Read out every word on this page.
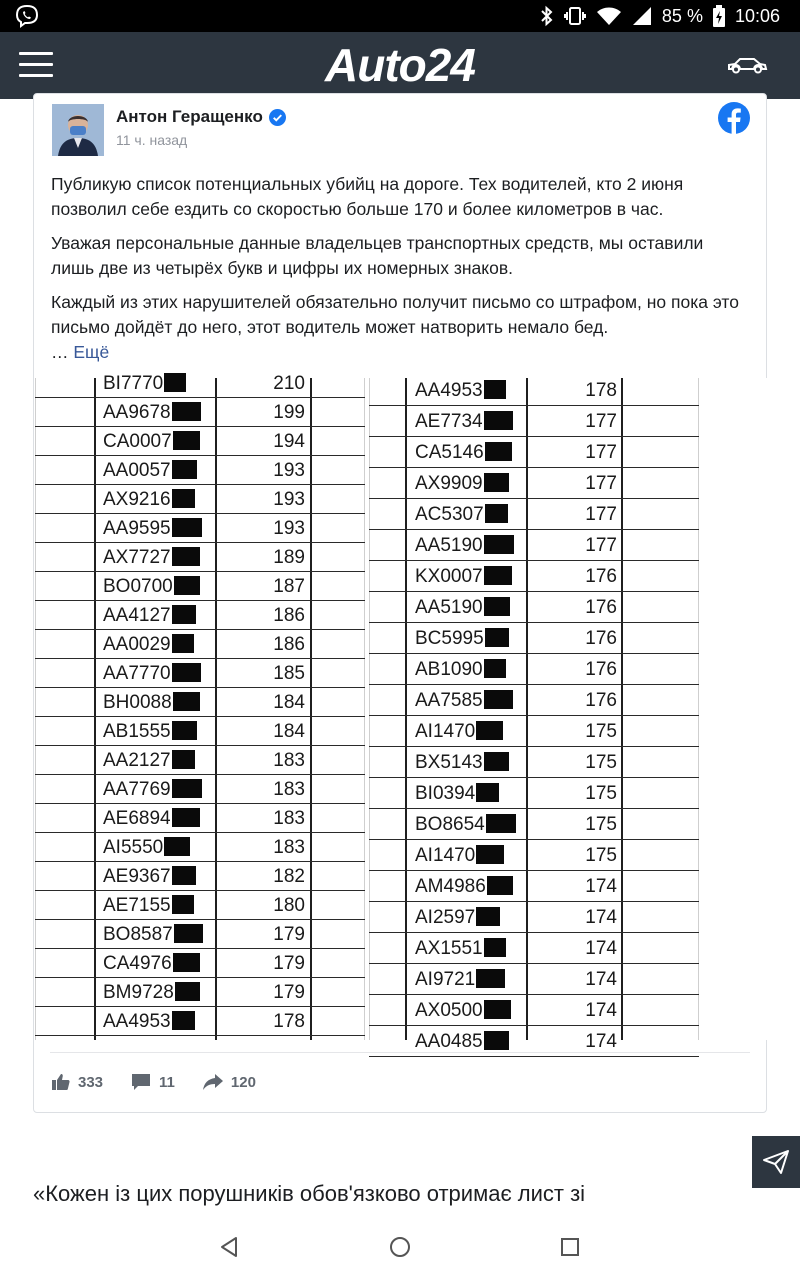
85 % 10:06
Auto24
Антон Геращенко
11 ч. назад

Публикую список потенциальных убийц на дороге. Тех водителей, кто 2 июня позволил себе ездить со скоростью больше 170 и более километров в час.

Уважая персональные данные владельцев транспортных средств, мы оставили лишь две из четырёх букв и цифры их номерных знаков.

Каждый из этих нарушителей обязательно получит письмо со штрафом, но пока это письмо дойдёт до него, этот водитель может натворить немало бед.
… Ещё

BI7770	210
AA9678	199
CA0007	194
AA0057	193
AX9216	193
AA9595	193
AX7727	189
BO0700	187
AA4127	186
AA0029	186
AA7770	185
BH0088	184
AB1555	184
AA2127	183
AA7769	183
AE6894	183
AI5550	183
AE9367	182
AE7155	180
BO8587	179
CA4976	179
BM9728	179
AA4953	178
AA4953	178
AE7734	177
CA5146	177
AX9909	177
AC5307	177
AA5190	177
KX0007	176
AA5190	176
BC5995	176
AB1090	176
AA7585	176
AI1470	175
BX5143	175
BI0394	175
BO8654	175
AI1470	175
AM4986	174
AI2597	174
AX1551	174
AI9721	174
AX0500	174
AA0485	174
333	11	120
«Кожен із цих порушників обов'язково отримає лист зі
